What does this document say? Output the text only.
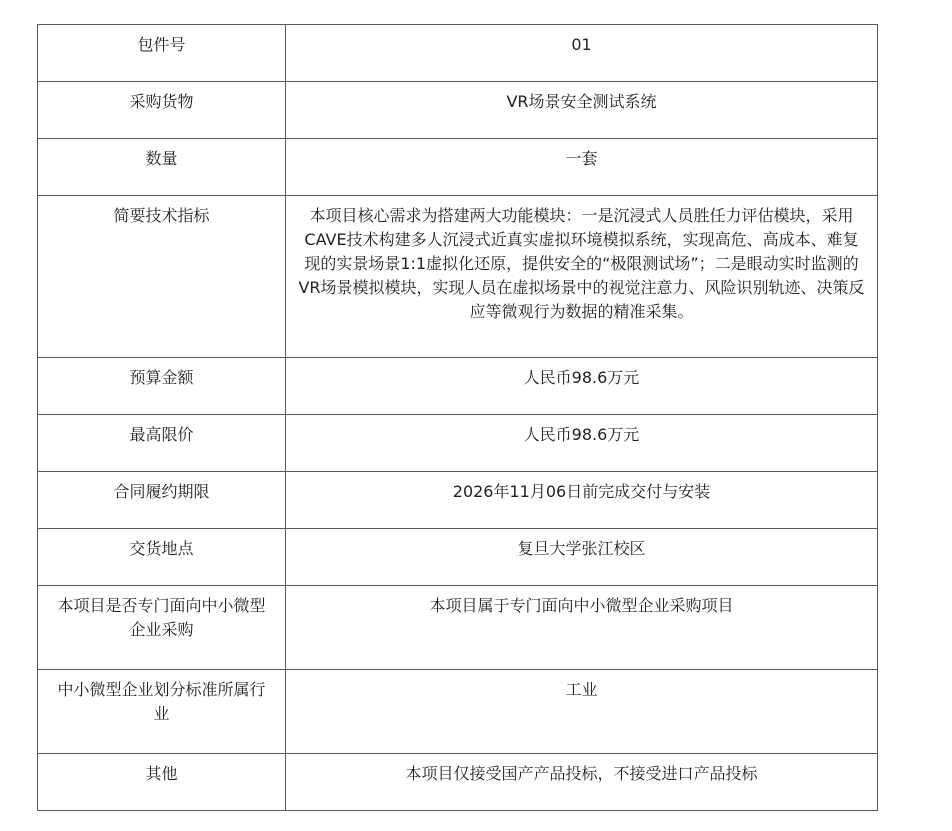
包件号	01
采购货物	VR场景安全测试系统
数量	一套
简要技术指标	本项目核心需求为搭建两大功能模块：一是沉浸式人员胜任力评估模块，采用 CAVE技术构建多人沉浸式近真实虚拟环境模拟系统，实现高危、高成本、难复现的实景场景1:1虚拟化还原，提供安全的“极限测试场”；二是眼动实时监测的VR场景模拟模块，实现人员在虚拟场景中的视觉注意力、风险识别轨迹、决策反应等微观行为数据的精准采集。
预算金额	人民币98.6万元
最高限价	人民币98.6万元
合同履约期限	2026年11月06日前完成交付与安装
交货地点	复旦大学张江校区
本项目是否专门面向中小微型企业采购	本项目属于专门面向中小微型企业采购项目
中小微型企业划分标准所属行业	工业
其他	本项目仅接受国产产品投标，不接受进口产品投标
